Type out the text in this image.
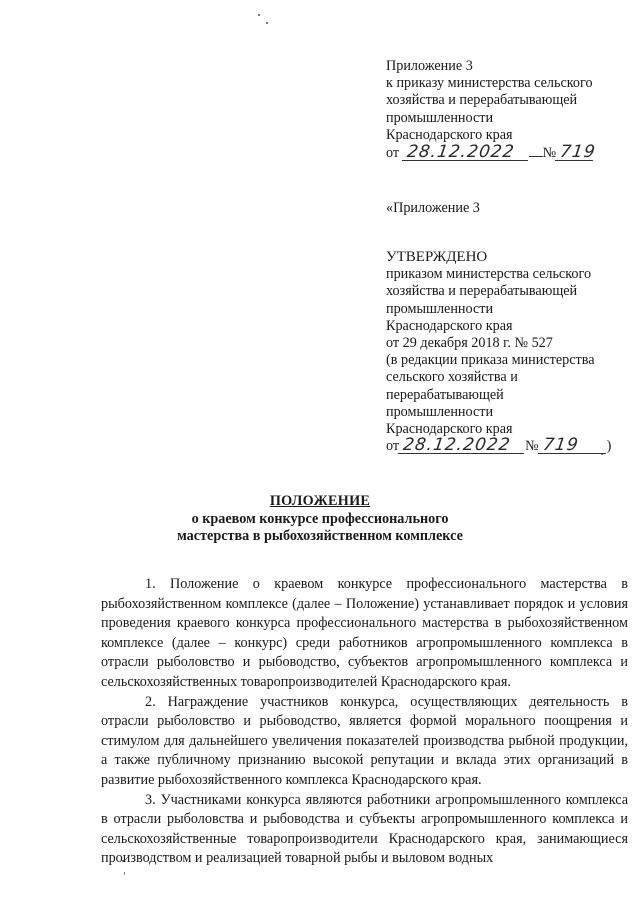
Приложение 3
к приказу министерства сельского
хозяйства и перерабатывающей
промышленности
Краснодарского края
от 28.12.2022 № 719
«Приложение 3
УТВЕРЖДЕНО
приказом министерства сельского
хозяйства и перерабатывающей
промышленности
Краснодарского края
от 29 декабря 2018 г. № 527
(в редакции приказа министерства
сельского хозяйства и
перерабатывающей
промышленности
Краснодарского края
от 28.12.2022 № 719 )
ПОЛОЖЕНИЕ
о краевом конкурсе профессионального
мастерства в рыбохозяйственном комплексе

1. Положение о краевом конкурсе профессионального мастерства в рыбохозяйственном комплексе (далее – Положение) устанавливает порядок и условия проведения краевого конкурса профессионального мастерства в рыбохозяйственном комплексе (далее – конкурс) среди работников агропромышленного комплекса в отрасли рыболовство и рыбоводство, субъектов агропромышленного комплекса и сельскохозяйственных товаропроизводителей Краснодарского края.

2. Награждение участников конкурса, осуществляющих деятельность в отрасли рыболовство и рыбоводство, является формой морального поощрения и стимулом для дальнейшего увеличения показателей производства рыбной продукции, а также публичному признанию высокой репутации и вклада этих организаций в развитие рыбохозяйственного комплекса Краснодарского края.

3. Участниками конкурса являются работники агропромышленного комплекса в отрасли рыболовства и рыбоводства и субъекты агропромышленного комплекса и сельскохозяйственные товаропроизводители Краснодарского края, занимающиеся производством и реализацией товарной рыбы и выловом водных
